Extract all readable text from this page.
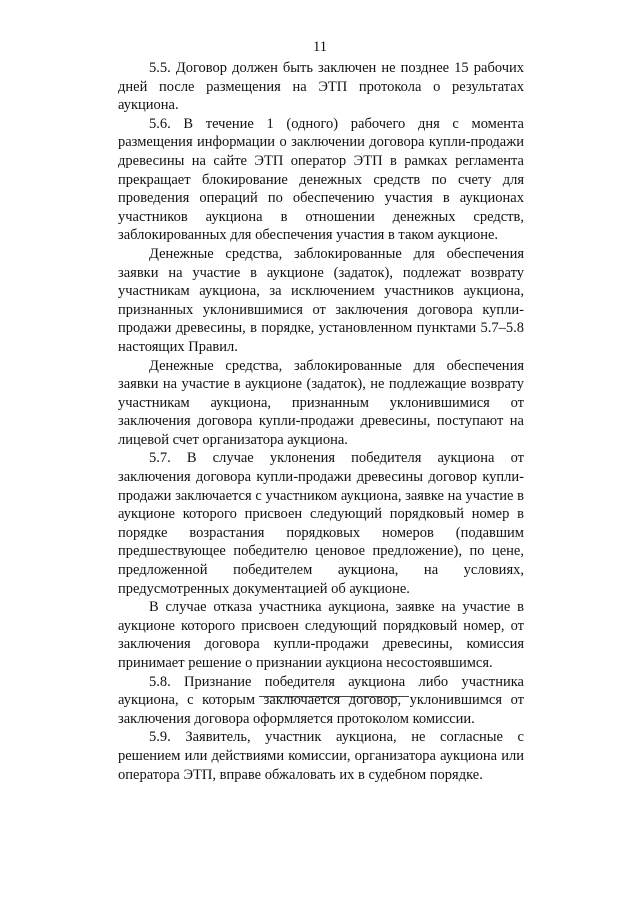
11

5.5. Договор должен быть заключен не позднее 15 рабочих дней после размещения на ЭТП протокола о результатах аукциона.

5.6. В течение 1 (одного) рабочего дня с момента размещения информации о заключении договора купли-продажи древесины на сайте ЭТП оператор ЭТП в рамках регламента прекращает блокирование денежных средств по счету для проведения операций по обеспечению участия в аукционах участников аукциона в отношении денежных средств, заблокированных для обеспечения участия в таком аукционе.

Денежные средства, заблокированные для обеспечения заявки на участие в аукционе (задаток), подлежат возврату участникам аукциона, за исключением участников аукциона, признанных уклонившимися от заключения договора купли-продажи древесины, в порядке, установленном пунктами 5.7–5.8 настоящих Правил.

Денежные средства, заблокированные для обеспечения заявки на участие в аукционе (задаток), не подлежащие возврату участникам аукциона, признанным уклонившимися от заключения договора купли-продажи древесины, поступают на лицевой счет организатора аукциона.

5.7. В случае уклонения победителя аукциона от заключения договора купли-продажи древесины договор купли-продажи заключается с участником аукциона, заявке на участие в аукционе которого присвоен следующий порядковый номер в порядке возрастания порядковых номеров (подавшим предшествующее победителю ценовое предложение), по цене, предложенной победителем аукциона, на условиях, предусмотренных документацией об аукционе.

В случае отказа участника аукциона, заявке на участие в аукционе которого присвоен следующий порядковый номер, от заключения договора купли-продажи древесины, комиссия принимает решение о признании аукциона несостоявшимся.

5.8. Признание победителя аукциона либо участника аукциона, с которым заключается договор, уклонившимся от заключения договора оформляется протоколом комиссии.

5.9. Заявитель, участник аукциона, не согласные с решением или действиями комиссии, организатора аукциона или оператора ЭТП, вправе обжаловать их в судебном порядке.
